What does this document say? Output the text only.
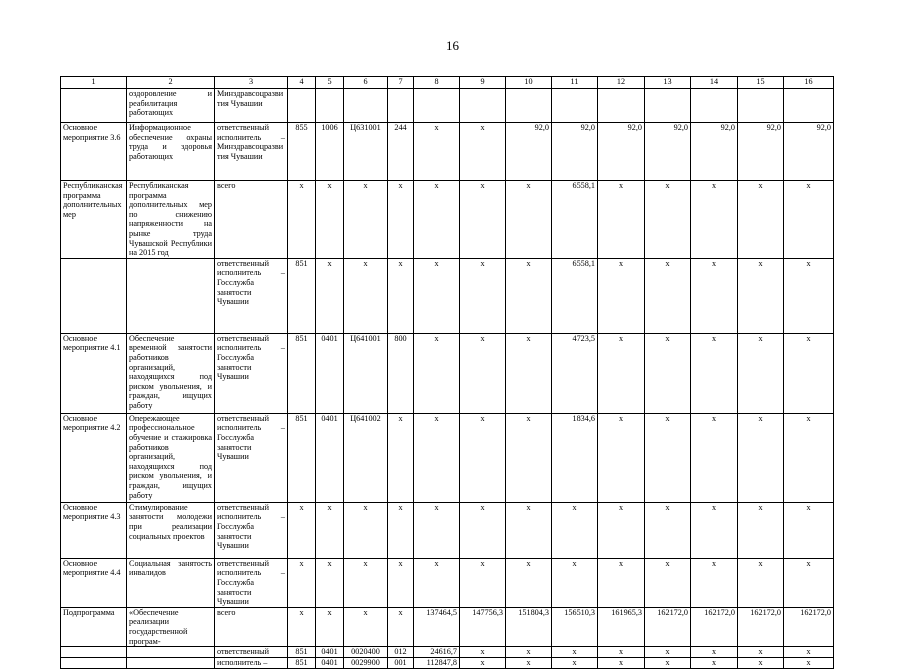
16
1	2	3	4	5	6	7	8	9	10	11	12	13	14	15	16
	оздоровление и реабилитация работающих	Минздравсоцразвития Чувашии													
Основное мероприятие 3.6	Информационное обеспечение охраны труда и здоровья работающих	ответственный исполнитель – Минздравсоцразвития Чувашии	855	1006	Ц631001	244	x	x	92,0	92,0	92,0	92,0	92,0	92,0	92,0
Республиканская программа дополнительных мер	Республиканская программа дополнительных мер по снижению напряженности на рынке труда Чувашской Республики на 2015 год	всего	x	x	x	x	x	x	x	6558,1	x	x	x	x	x
		ответственный исполнитель – Госслужба занятости Чувашии	851	x	x	x	x	x	x	6558,1	x	x	x	x	x
Основное мероприятие 4.1	Обеспечение временной занятости работников организаций, находящихся под риском увольнения, и граждан, ищущих работу	ответственный исполнитель – Госслужба занятости Чувашии	851	0401	Ц641001	800	x	x	x	4723,5	x	x	x	x	x
Основное мероприятие 4.2	Опережающее профессиональное обучение и стажировка работников организаций, находящихся под риском увольнения, и граждан, ищущих работу	ответственный исполнитель – Госслужба занятости Чувашии	851	0401	Ц641002	x	x	x	x	1834,6	x	x	x	x	x
Основное мероприятие 4.3	Стимулирование занятости молодежи при реализации социальных проектов	ответственный исполнитель – Госслужба занятости Чувашии	x	x	x	x	x	x	x	x	x	x	x	x	x
Основное мероприятие 4.4	Социальная занятость инвалидов	ответственный исполнитель – Госслужба занятости Чувашии	x	x	x	x	x	x	x	x	x	x	x	x	x
Подпрограмма	«Обеспечение реализации государственной програм-	всего	x	x	x	x	137464,5	147756,3	151804,3	156510,3	161965,3	162172,0	162172,0	162172,0	162172,0
		ответственный	851	0401	0020400	012	24616,7	x	x	x	x	x	x	x	x
		исполнитель –	851	0401	0029900	001	112847,8	x	x	x	x	x	x	x	x
